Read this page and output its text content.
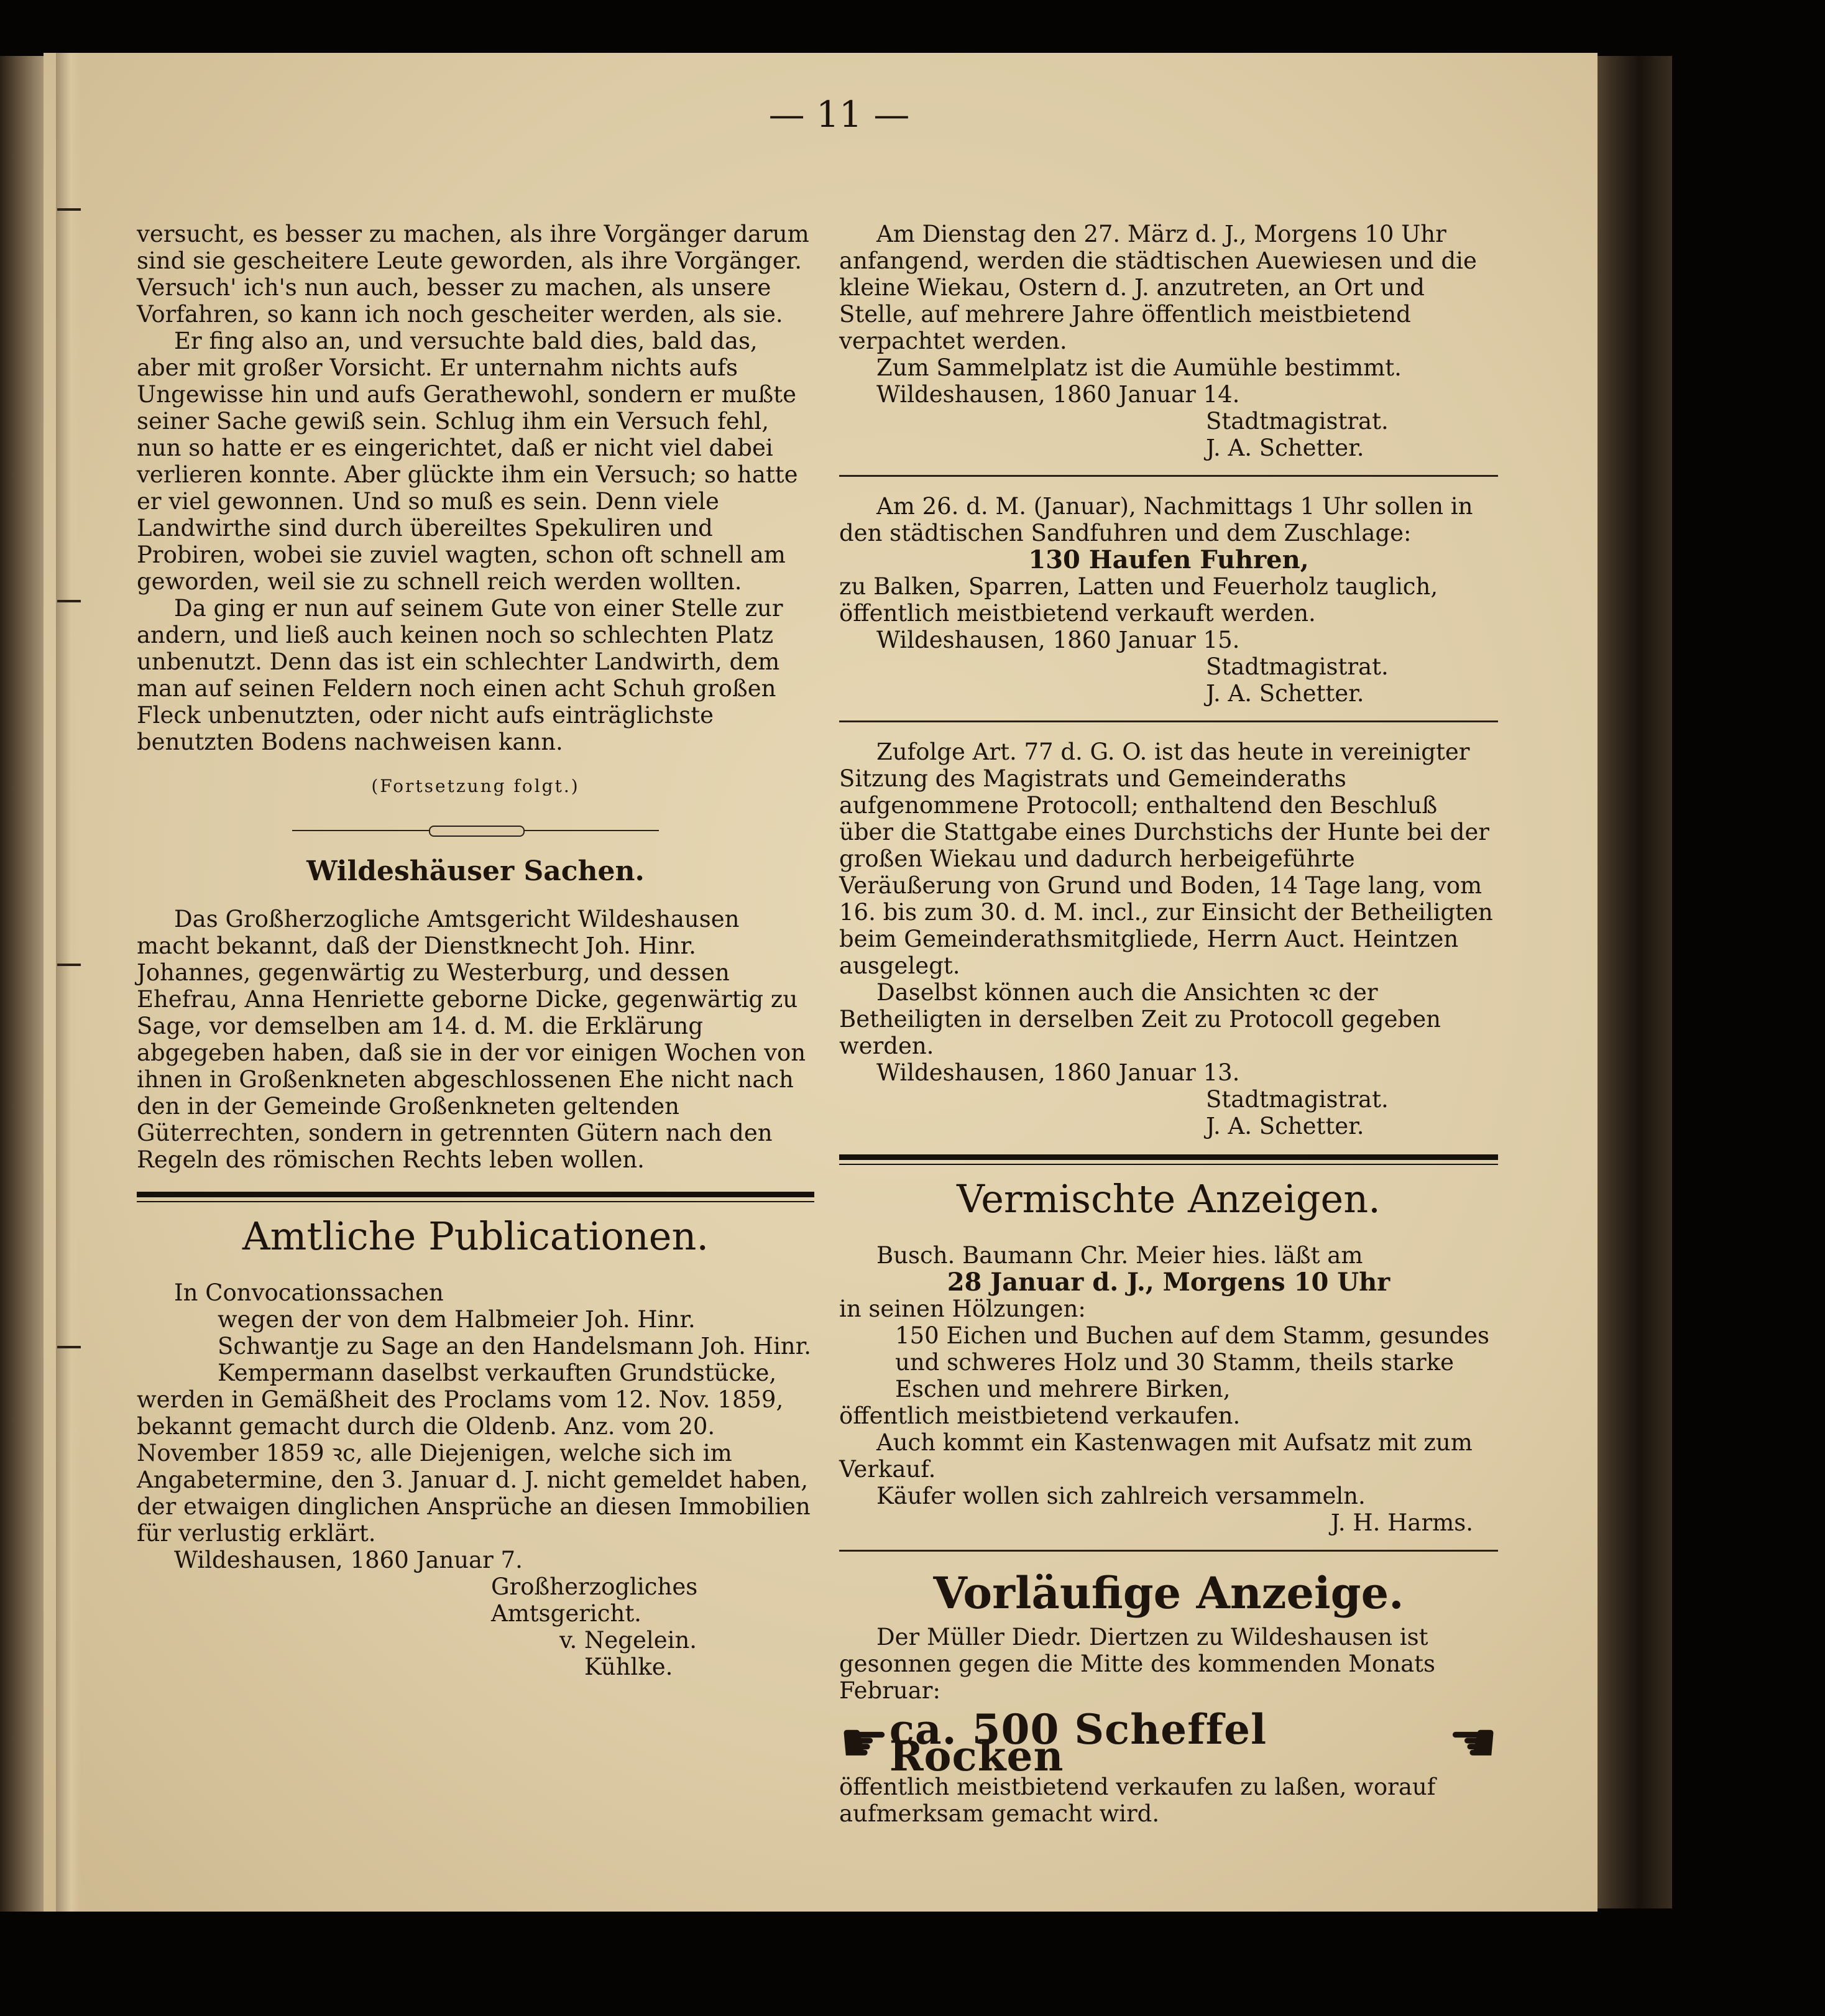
— 11 —

versucht, es besser zu machen, als ihre Vorgänger darum sind sie gescheitere Leute geworden, als ihre Vorgänger. Versuch' ich's nun auch, besser zu machen, als unsere Vorfahren, so kann ich noch gescheiter werden, als sie.

Er fing also an, und versuchte bald dies, bald das, aber mit großer Vorsicht. Er unternahm nichts aufs Ungewisse hin und aufs Gerathewohl, sondern er mußte seiner Sache gewiß sein. Schlug ihm ein Versuch fehl, nun so hatte er es eingerichtet, daß er nicht viel dabei verlieren konnte. Aber glückte ihm ein Versuch; so hatte er viel gewonnen. Und so muß es sein. Denn viele Landwirthe sind durch übereiltes Spekuliren und Probiren, wobei sie zuviel wagten, schon oft schnell am geworden, weil sie zu schnell reich werden wollten.

Da ging er nun auf seinem Gute von einer Stelle zur andern, und ließ auch keinen noch so schlechten Platz unbenutzt. Denn das ist ein schlechter Landwirth, dem man auf seinen Feldern noch einen acht Schuh großen Fleck unbenutzten, oder nicht aufs einträglichste benutzten Bodens nachweisen kann.

(Fortsetzung folgt.)

Wildeshäuser Sachen.

Das Großherzogliche Amtsgericht Wildeshausen macht bekannt, daß der Dienstknecht Joh. Hinr. Johannes, gegenwärtig zu Westerburg, und dessen Ehefrau, Anna Henriette geborne Dicke, gegenwärtig zu Sage, vor demselben am 14. d. M. die Erklärung abgegeben haben, daß sie in der vor einigen Wochen von ihnen in Großenkneten abgeschlossenen Ehe nicht nach den in der Gemeinde Großenkneten geltenden Güterrechten, sondern in getrennten Gütern nach den Regeln des römischen Rechts leben wollen.

Amtliche Publicationen.

In Convocationssachen

wegen der von dem Halbmeier Joh. Hinr. Schwantje zu Sage an den Handelsmann Joh. Hinr. Kempermann daselbst verkauften Grundstücke,

werden in Gemäßheit des Proclams vom 12. Nov. 1859, bekannt gemacht durch die Oldenb. Anz. vom 20. November 1859 ꝛc, alle Diejenigen, welche sich im Angabetermine, den 3. Januar d. J. nicht gemeldet haben, der etwaigen dinglichen Ansprüche an diesen Immobilien für verlustig erklärt.

Wildeshausen, 1860 Januar 7.

Großherzogliches Amtsgericht.

v. Negelein.

Kühlke.

Am Dienstag den 27. März d. J., Morgens 10 Uhr anfangend, werden die städtischen Auewiesen und die kleine Wiekau, Ostern d. J. anzutreten, an Ort und Stelle, auf mehrere Jahre öffentlich meistbietend verpachtet werden.

Zum Sammelplatz ist die Aumühle bestimmt.

Wildeshausen, 1860 Januar 14.

Stadtmagistrat.

J. A. Schetter.

Am 26. d. M. (Januar), Nachmittags 1 Uhr sollen in den städtischen Sandfuhren und dem Zuschlage:

130 Haufen Fuhren,

zu Balken, Sparren, Latten und Feuerholz tauglich, öffentlich meistbietend verkauft werden.

Wildeshausen, 1860 Januar 15.

Stadtmagistrat.

J. A. Schetter.

Zufolge Art. 77 d. G. O. ist das heute in vereinigter Sitzung des Magistrats und Gemeinderaths aufgenommene Protocoll; enthaltend den Beschluß über die Stattgabe eines Durchstichs der Hunte bei der großen Wiekau und dadurch herbeigeführte Veräußerung von Grund und Boden, 14 Tage lang, vom 16. bis zum 30. d. M. incl., zur Einsicht der Betheiligten beim Gemeinderathsmitgliede, Herrn Auct. Heintzen ausgelegt.

Daselbst können auch die Ansichten ꝛc der Betheiligten in derselben Zeit zu Protocoll gegeben werden.

Wildeshausen, 1860 Januar 13.

Stadtmagistrat.

J. A. Schetter.

Vermischte Anzeigen.

Busch. Baumann Chr. Meier hies. läßt am

28 Januar d. J., Morgens 10 Uhr

in seinen Hölzungen:

150 Eichen und Buchen auf dem Stamm, gesundes und schweres Holz und 30 Stamm, theils starke Eschen und mehrere Birken,

öffentlich meistbietend verkaufen.

Auch kommt ein Kastenwagen mit Aufsatz mit zum Verkauf.

Käufer wollen sich zahlreich versammeln.

J. H. Harms.

Vorläufige Anzeige.

Der Müller Diedr. Diertzen zu Wildeshausen ist gesonnen gegen die Mitte des kommenden Monats Februar:

☛ ca. 500 Scheffel Rocken	☚

öffentlich meistbietend verkaufen zu laßen, worauf aufmerksam gemacht wird.
